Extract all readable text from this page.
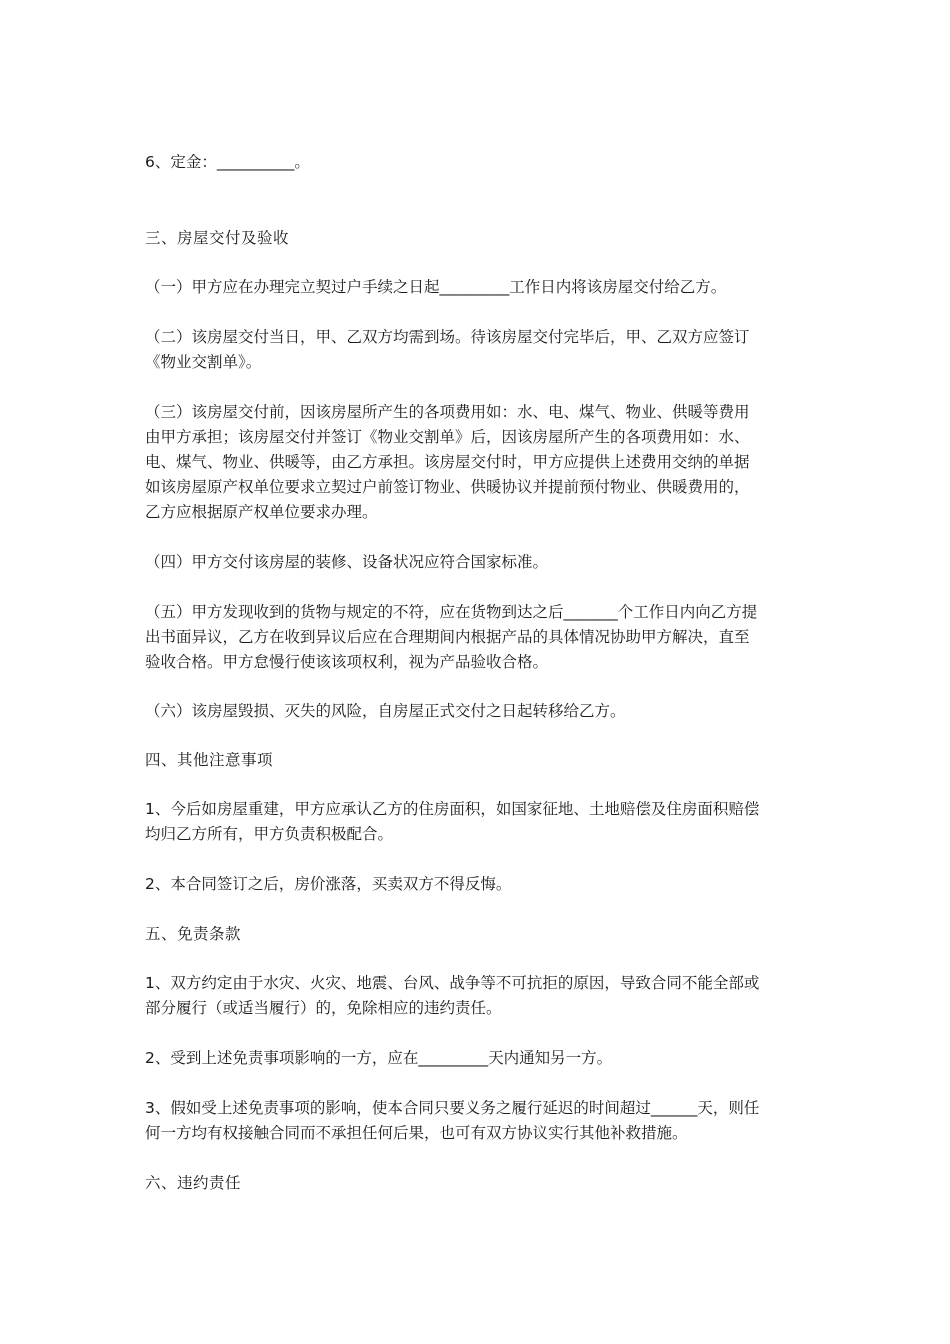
6、定金：__________。

三、房屋交付及验收

（一）甲方应在办理完立契过户手续之日起_________工作日内将该房屋交付给乙方。

（二）该房屋交付当日，甲、乙双方均需到场。待该房屋交付完毕后，甲、乙双方应签订
《物业交割单》。

（三）该房屋交付前，因该房屋所产生的各项费用如：水、电、煤气、物业、供暖等费用
由甲方承担；该房屋交付并签订《物业交割单》后，因该房屋所产生的各项费用如：水、
电、煤气、物业、供暖等，由乙方承担。该房屋交付时，甲方应提供上述费用交纳的单据
如该房屋原产权单位要求立契过户前签订物业、供暖协议并提前预付物业、供暖费用的，
乙方应根据原产权单位要求办理。

（四）甲方交付该房屋的装修、设备状况应符合国家标准。

（五）甲方发现收到的货物与规定的不符，应在货物到达之后_______个工作日内向乙方提
出书面异议，乙方在收到异议后应在合理期间内根据产品的具体情况协助甲方解决，直至
验收合格。甲方怠慢行使该该项权利，视为产品验收合格。

（六）该房屋毁损、灭失的风险，自房屋正式交付之日起转移给乙方。

四、其他注意事项

1、今后如房屋重建，甲方应承认乙方的住房面积，如国家征地、土地赔偿及住房面积赔偿
均归乙方所有，甲方负责积极配合。

2、本合同签订之后，房价涨落，买卖双方不得反悔。

五、免责条款

1、双方约定由于水灾、火灾、地震、台风、战争等不可抗拒的原因，导致合同不能全部或
部分履行（或适当履行）的，免除相应的违约责任。

2、受到上述免责事项影响的一方，应在_________天内通知另一方。

3、假如受上述免责事项的影响，使本合同只要义务之履行延迟的时间超过______天，则任
何一方均有权接触合同而不承担任何后果，也可有双方协议实行其他补救措施。

六、违约责任
